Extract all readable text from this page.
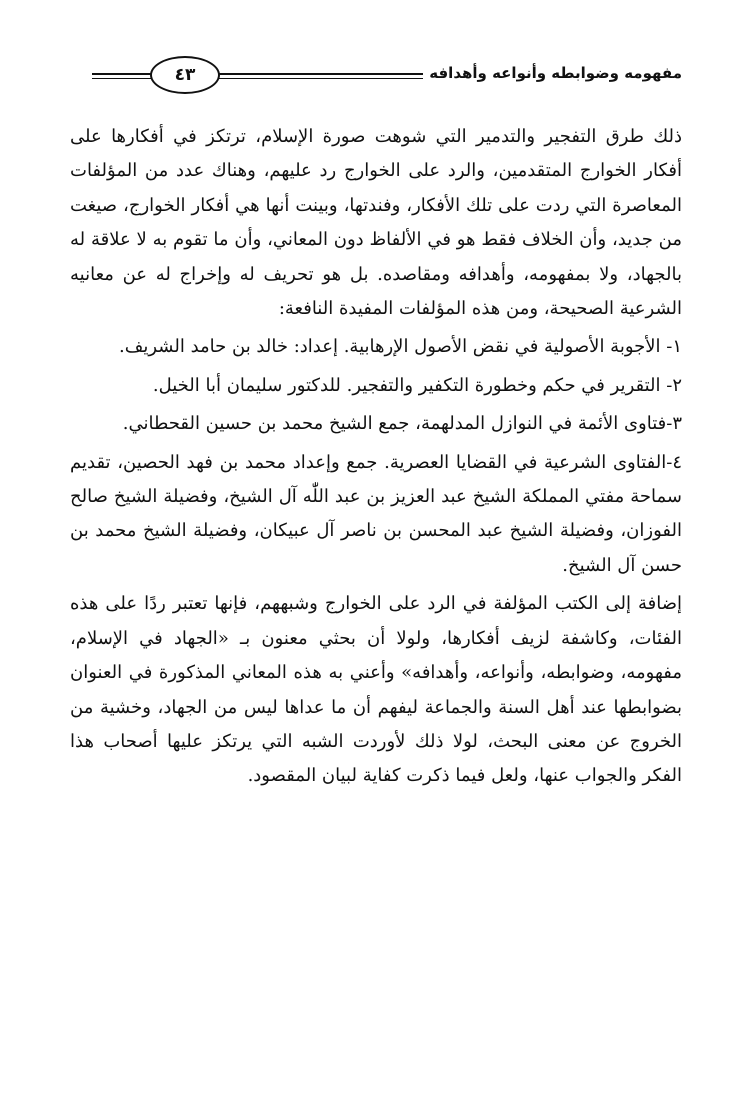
مفهومه وضوابطه وأنواعه وأهدافه
٤٣

ذلك طرق التفجير والتدمير التي شوهت صورة الإسلام، ترتكز في أفكارها على أفكار الخوارج المتقدمين، والرد على الخوارج رد عليهم، وهناك عدد من المؤلفات المعاصرة التي ردت على تلك الأفكار، وفندتها، وبينت أنها هي أفكار الخوارج، صيغت من جديد، وأن الخلاف فقط هو في الألفاظ دون المعاني، وأن ما تقوم به لا علاقة له بالجهاد، ولا بمفهومه، وأهدافه ومقاصده. بل هو تحريف له وإخراج له عن معانيه الشرعية الصحيحة، ومن هذه المؤلفات المفيدة النافعة:

١- الأجوبة الأصولية في نقض الأصول الإرهابية. إعداد: خالد بن حامد الشريف.

٢- التقرير في حكم وخطورة التكفير والتفجير. للدكتور سليمان أبا الخيل.

٣-فتاوى الأئمة في النوازل المدلهمة، جمع الشيخ محمد بن حسين القحطاني.

٤-الفتاوى الشرعية في القضايا العصرية. جمع وإعداد محمد بن فهد الحصين، تقديم سماحة مفتي المملكة الشيخ عبد العزيز بن عبد اللّٰه آل الشيخ، وفضيلة الشيخ صالح الفوزان، وفضيلة الشيخ عبد المحسن بن ناصر آل عبيكان، وفضيلة الشيخ محمد بن حسن آل الشيخ.

إضافة إلى الكتب المؤلفة في الرد على الخوارج وشبههم، فإنها تعتبر ردًا على هذه الفئات، وكاشفة لزيف أفكارها، ولولا أن بحثي معنون بـ «الجهاد في الإسلام، مفهومه، وضوابطه، وأنواعه، وأهدافه» وأعني به هذه المعاني المذكورة في العنوان بضوابطها عند أهل السنة والجماعة ليفهم أن ما عداها ليس من الجهاد، وخشية من الخروج عن معنى البحث، لولا ذلك لأوردت الشبه التي يرتكز عليها أصحاب هذا الفكر والجواب عنها، ولعل فيما ذكرت كفاية لبيان المقصود.
